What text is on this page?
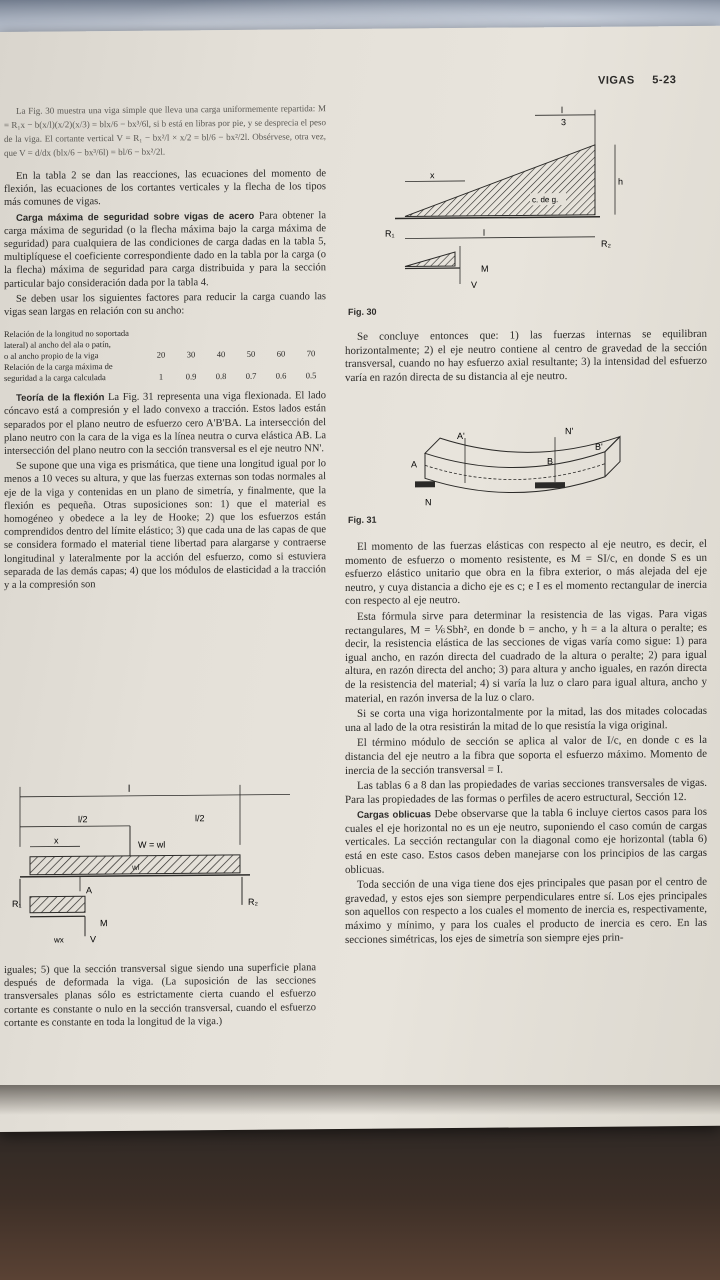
VIGAS 5-23

La Fig. 30 muestra una viga simple que lleva una carga uniformemente repartida: M = R₁x − b(x/l)(x/2)(x/3) = blx/6 − bx³/6l, si b está en libras por pie, y se desprecia el peso de la viga. El cortante vertical V = R₁ − bx²/l × x/2 = bl/6 − bx²/2l. Obsérvese, otra vez, que V = d/dx (blx/6 − bx³/6l) = bl/6 − bx²/2l.

En la tabla 2 se dan las reacciones, las ecuaciones del momento de flexión, las ecuaciones de los cortantes verticales y la flecha de los tipos más comunes de vigas.

Carga máxima de seguridad sobre vigas de acero Para obtener la carga máxima de seguridad (o la flecha máxima bajo la carga máxima de seguridad) para cualquiera de las condiciones de carga dadas en la tabla 5, multiplíquese el coeficiente correspondiente dado en la tabla por la carga (o la flecha) máxima de seguridad para carga distribuida y para la sección particular bajo consideración dada por la tabla 4.

Se deben usar los siguientes factores para reducir la carga cuando las vigas sean largas en relación con su ancho:

Relación de la longitud no soportada
lateral) al ancho del ala o patín,
o al ancho propio de la viga	20	30	40	50	60	70
Relación de la carga máxima de
seguridad a la carga calculada	1	0.9	0.8	0.7	0.6	0.5

Teoría de la flexión La Fig. 31 representa una viga flexionada. El lado cóncavo está a compresión y el lado convexo a tracción. Estos lados están separados por el plano neutro de esfuerzo cero A'B'BA. La intersección del plano neutro con la cara de la viga es la línea neutra o curva elástica AB. La intersección del plano neutro con la sección transversal es el eje neutro NN'.

Se supone que una viga es prismática, que tiene una longitud igual por lo menos a 10 veces su altura, y que las fuerzas externas son todas normales al eje de la viga y contenidas en un plano de simetría, y finalmente, que la flexión es pequeña. Otras suposiciones son: 1) que el material es homogéneo y obedece a la ley de Hooke; 2) que los esfuerzos están comprendidos dentro del límite elástico; 3) que cada una de las capas de que se considera formado el material tiene libertad para alargarse y contraerse longitudinal y lateralmente por la acción del esfuerzo, como si estuviera separada de las demás capas; 4) que los módulos de elasticidad a la tracción y a la compresión son

l
l/2	l/2
x	W = wl
wl
A
R₁	R₂
M
wx	V

iguales; 5) que la sección transversal sigue siendo una superficie plana después de deformada la viga. (La suposición de las secciones transversales planas sólo es estrictamente cierta cuando el esfuerzo cortante es constante o nulo en la sección transversal, cuando el esfuerzo cortante es constante en toda la longitud de la viga.)

l
3
h
x
c. de g.
R₁
R₂
l
M
V
Fig. 30

Se concluye entonces que: 1) las fuerzas internas se equilibran horizontalmente; 2) el eje neutro contiene al centro de gravedad de la sección transversal, cuando no hay esfuerzo axial resultante; 3) la intensidad del esfuerzo varía en razón directa de su distancia al eje neutro.

A
A'
B
B'
N
N'
Fig. 31

El momento de las fuerzas elásticas con respecto al eje neutro, es decir, el momento de esfuerzo o momento resistente, es M = SI/c, en donde S es un esfuerzo elástico unitario que obra en la fibra exterior, o más alejada del eje neutro, y cuya distancia a dicho eje es c; e I es el momento rectangular de inercia con respecto al eje neutro.

Esta fórmula sirve para determinar la resistencia de las vigas. Para vigas rectangulares, M = ⅙Sbh², en donde b = ancho, y h = a la altura o peralte; es decir, la resistencia elástica de las secciones de vigas varía como sigue: 1) para igual ancho, en razón directa del cuadrado de la altura o peralte; 2) para igual altura, en razón directa del ancho; 3) para altura y ancho iguales, en razón directa de la resistencia del material; 4) si varía la luz o claro para igual altura, ancho y material, en razón inversa de la luz o claro.

Si se corta una viga horizontalmente por la mitad, las dos mitades colocadas una al lado de la otra resistirán la mitad de lo que resistía la viga original.

El término módulo de sección se aplica al valor de I/c, en donde c es la distancia del eje neutro a la fibra que soporta el esfuerzo máximo. Momento de inercia de la sección transversal = I.

Las tablas 6 a 8 dan las propiedades de varias secciones transversales de vigas. Para las propiedades de las formas o perfiles de acero estructural, Sección 12.

Cargas oblicuas Debe observarse que la tabla 6 incluye ciertos casos para los cuales el eje horizontal no es un eje neutro, suponiendo el caso común de cargas verticales. La sección rectangular con la diagonal como eje horizontal (tabla 6) está en este caso. Estos casos deben manejarse con los principios de las cargas oblicuas.

Toda sección de una viga tiene dos ejes principales que pasan por el centro de gravedad, y estos ejes son siempre perpendiculares entre sí. Los ejes principales son aquellos con respecto a los cuales el momento de inercia es, respectivamente, máximo y mínimo, y para los cuales el producto de inercia es cero. En las secciones simétricas, los ejes de simetría son siempre ejes prin-
